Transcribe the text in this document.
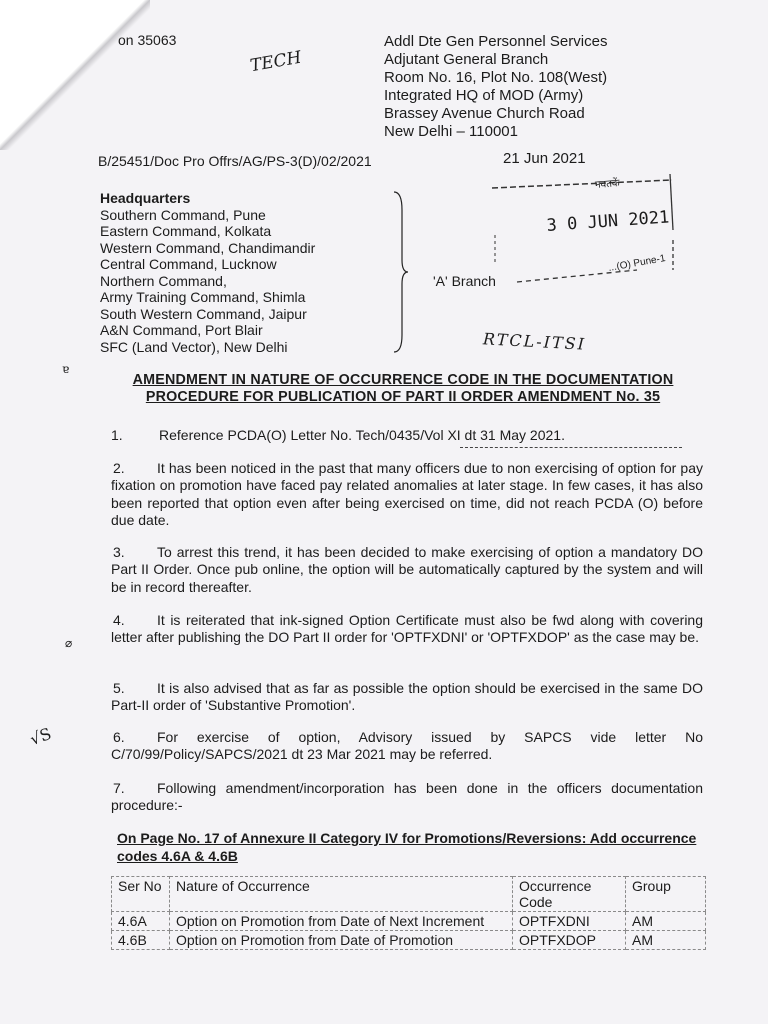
on 35063
TECH
Addl Dte Gen Personnel Services
Adjutant General Branch
Room No. 16, Plot No. 108(West)
Integrated HQ of MOD (Army)
Brassey Avenue Church Road
New Delhi – 110001
B/25451/Doc Pro Offrs/AG/PS-3(D)/02/2021	21 Jun 2021
Headquarters
Southern Command, Pune
Eastern Command, Kolkata
Western Command, Chandimandir
Central Command, Lucknow
Northern Command,
Army Training Command, Shimla
South Western Command, Jaipur
A&N Command, Port Blair
SFC (Land Vector), New Delhi
'A' Branch
नवतकें
3 0 JUN 2021
...(O) Pune-1
RTCL-ITSI
ɐ
⌀
√S
AMENDMENT IN NATURE OF OCCURRENCE CODE IN THE DOCUMENTATION PROCEDURE FOR PUBLICATION OF PART II ORDER AMENDMENT No. 35
1.	Reference PCDA(O) Letter No. Tech/0435/Vol XI dt 31 May 2021.
2. It has been noticed in the past that many officers due to non exercising of option for pay fixation on promotion have faced pay related anomalies at later stage. In few cases, it has also been reported that option even after being exercised on time, did not reach PCDA (O) before due date.
3. To arrest this trend, it has been decided to make exercising of option a mandatory DO Part II Order. Once pub online, the option will be automatically captured by the system and will be in record thereafter.
4. It is reiterated that ink-signed Option Certificate must also be fwd along with covering letter after publishing the DO Part II order for 'OPTFXDNI' or 'OPTFXDOP' as the case may be.
5. It is also advised that as far as possible the option should be exercised in the same DO Part-II order of 'Substantive Promotion'.
6. For exercise of option, Advisory issued by SAPCS vide letter No C/70/99/Policy/SAPCS/2021 dt 23 Mar 2021 may be referred.
7. Following amendment/incorporation has been done in the officers documentation procedure:-
On Page No. 17 of Annexure II Category IV for Promotions/Reversions: Add occurrence codes 4.6A & 4.6B
Ser No	Nature of Occurrence	Occurrence Code	Group
4.6A	Option on Promotion from Date of Next Increment	OPTFXDNI	AM
4.6B	Option on Promotion from Date of Promotion	OPTFXDOP	AM
